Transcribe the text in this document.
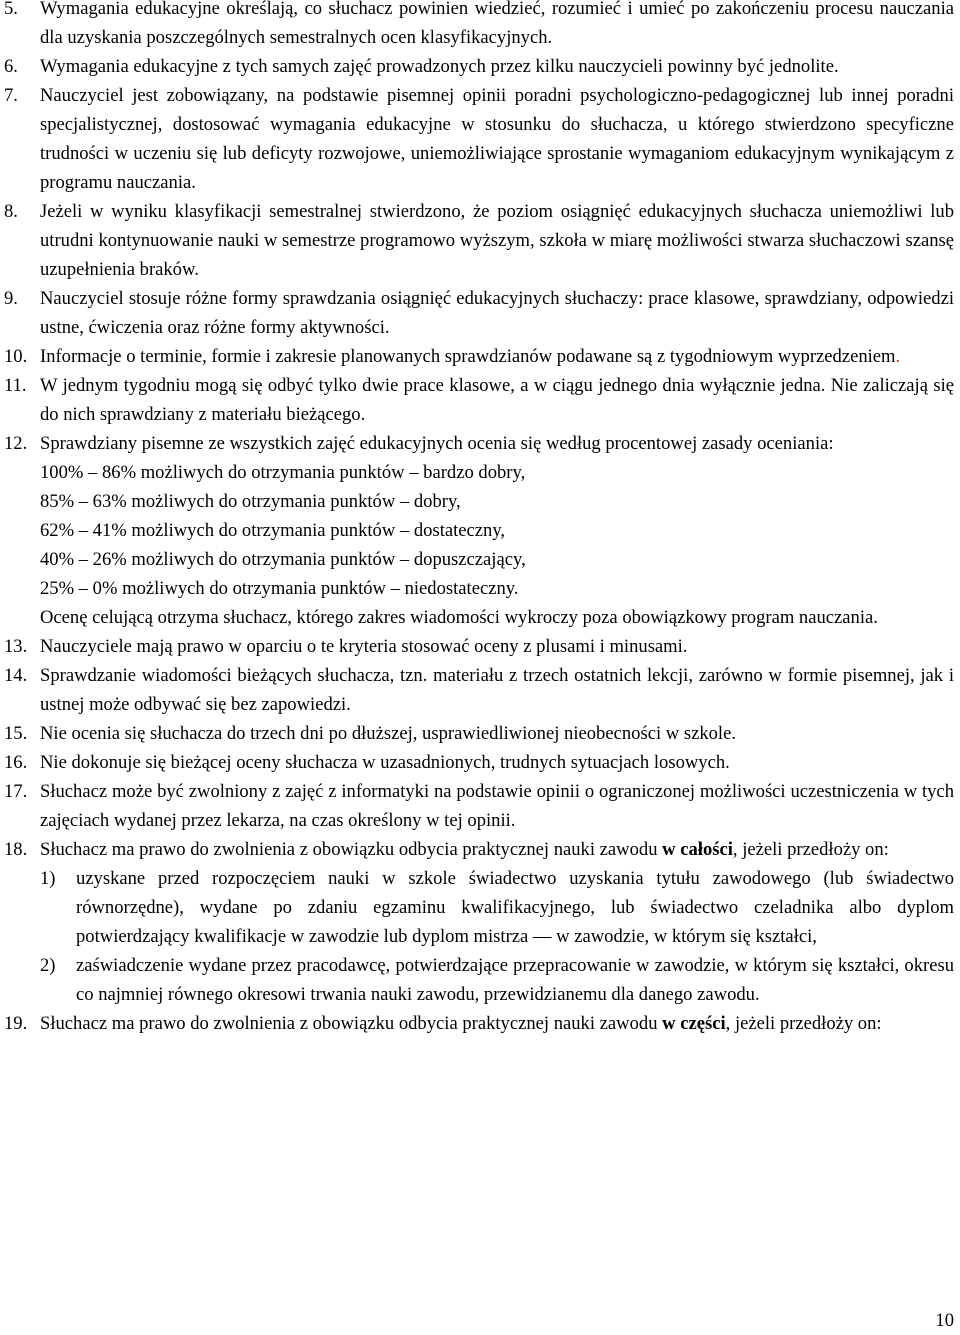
5.	Wymagania edukacyjne określają, co słuchacz powinien wiedzieć, rozumieć i umieć po zakończeniu procesu nauczania dla uzyskania poszczególnych semestralnych ocen klasyfikacyjnych.
6.	Wymagania edukacyjne z tych samych zajęć prowadzonych przez kilku nauczycieli powinny być jednolite.
7.	Nauczyciel jest zobowiązany, na podstawie pisemnej opinii poradni psychologiczno-pedagogicznej lub innej poradni specjalistycznej, dostosować wymagania edukacyjne w stosunku do słuchacza, u którego stwierdzono specyficzne trudności w uczeniu się lub deficyty rozwojowe, uniemożliwiające sprostanie wymaganiom edukacyjnym wynikającym z programu nauczania.
8.	Jeżeli w wyniku klasyfikacji semestralnej stwierdzono, że poziom osiągnięć edukacyjnych słuchacza uniemożliwi lub utrudni kontynuowanie nauki w semestrze programowo wyższym, szkoła w miarę możliwości stwarza słuchaczowi szansę uzupełnienia braków.
9.	Nauczyciel stosuje różne formy sprawdzania osiągnięć edukacyjnych słuchaczy: prace klasowe, sprawdziany, odpowiedzi ustne, ćwiczenia oraz różne formy aktywności.
10. Informacje o terminie, formie i zakresie planowanych sprawdzianów podawane są z tygodniowym wyprzedzeniem.
11. W jednym tygodniu mogą się odbyć tylko dwie prace klasowe, a w ciągu jednego dnia wyłącznie jedna. Nie zaliczają się do nich sprawdziany z materiału bieżącego.
12. Sprawdziany pisemne ze wszystkich zajęć edukacyjnych ocenia się według procentowej zasady oceniania:
100% – 86% możliwych do otrzymania punktów – bardzo dobry,
85% – 63% możliwych do otrzymania punktów – dobry,
62% – 41% możliwych do otrzymania punktów – dostateczny,
40% – 26% możliwych do otrzymania punktów – dopuszczający,
25% – 0% możliwych do otrzymania punktów – niedostateczny.
Ocenę celującą otrzyma słuchacz, którego zakres wiadomości wykroczy poza obowiązkowy program nauczania.
13. Nauczyciele mają prawo w oparciu o te kryteria stosować oceny z plusami i minusami.
14. Sprawdzanie wiadomości bieżących słuchacza, tzn. materiału z trzech ostatnich lekcji, zarówno w formie pisemnej, jak i ustnej może odbywać się bez zapowiedzi.
15. Nie ocenia się słuchacza do trzech dni po dłuższej, usprawiedliwionej nieobecności w szkole.
16. Nie dokonuje się bieżącej oceny słuchacza w uzasadnionych, trudnych sytuacjach losowych.
17. Słuchacz może być zwolniony z zajęć z informatyki na podstawie opinii o ograniczonej możliwości uczestniczenia w tych zajęciach wydanej przez lekarza, na czas określony w tej opinii.
18. Słuchacz ma prawo do zwolnienia z obowiązku odbycia praktycznej nauki zawodu w całości, jeżeli przedłoży on:
1)	uzyskane przed rozpoczęciem nauki w szkole świadectwo uzyskania tytułu zawodowego (lub świadectwo równorzędne), wydane po zdaniu egzaminu kwalifikacyjnego, lub świadectwo czeladnika albo dyplom potwierdzający kwalifikacje w zawodzie lub dyplom mistrza — w zawodzie, w którym się kształci,
2)	zaświadczenie wydane przez pracodawcę, potwierdzające przepracowanie w zawodzie, w którym się kształci, okresu co najmniej równego okresowi trwania nauki zawodu, przewidzianemu dla danego zawodu.
19. Słuchacz ma prawo do zwolnienia z obowiązku odbycia praktycznej nauki zawodu w części, jeżeli przedłoży on:
10
